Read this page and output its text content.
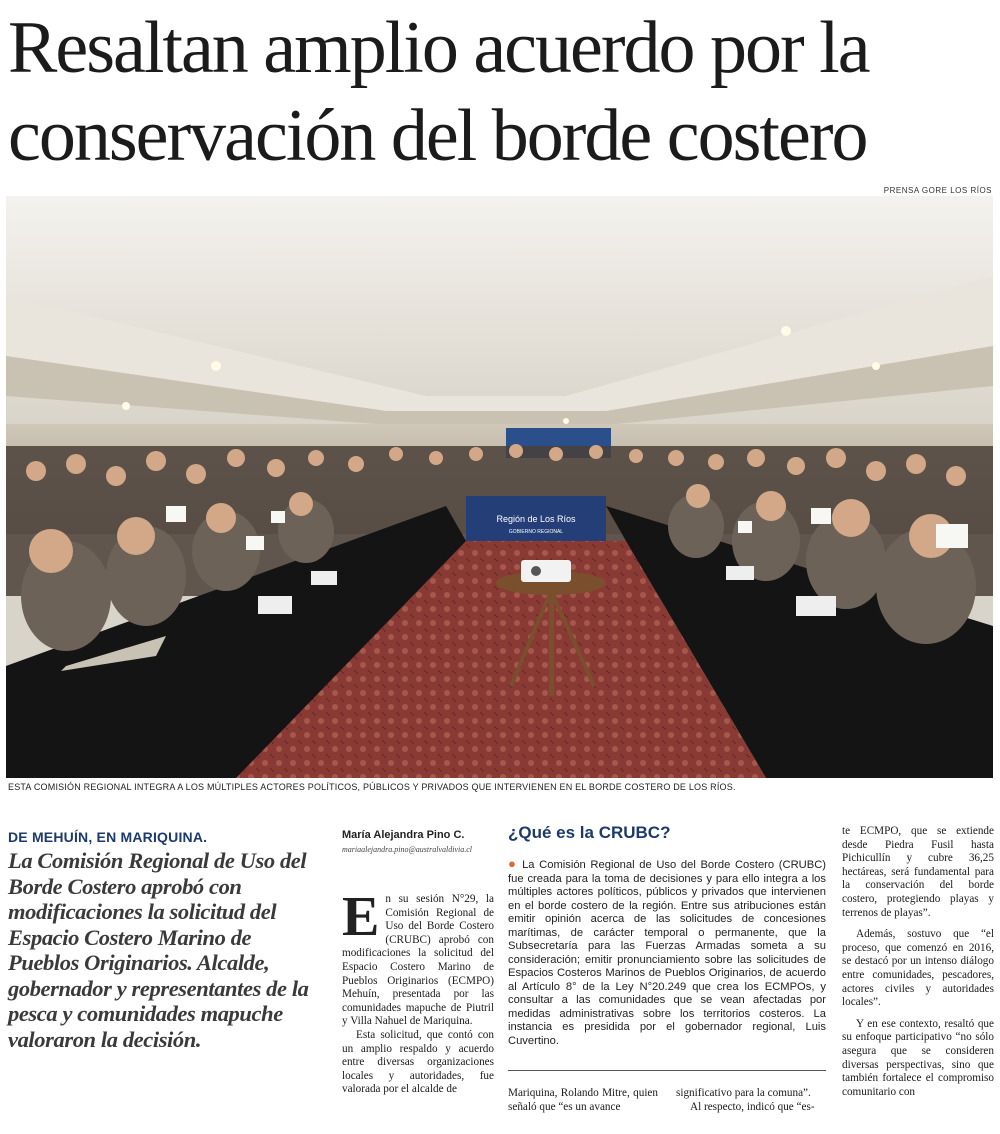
Resaltan amplio acuerdo por la conservación del borde costero
PRENSA GORE LOS RÍOS
Región de Los Ríos
GOBIERNO REGIONAL
ESTA COMISIÓN REGIONAL INTEGRA A LOS MÚLTIPLES ACTORES POLÍTICOS, PÚBLICOS Y PRIVADOS QUE INTERVIENEN EN EL BORDE COSTERO DE LOS RÍOS.
DE MEHUÍN, EN MARIQUINA.
La Comisión Regional de Uso del Borde Costero aprobó con modificaciones la solicitud del Espacio Costero Marino de Pueblos Originarios. Alcalde, gobernador y representantes de la pesca y comunidades mapuche valoraron la decisión.
María Alejandra Pino C.
mariaalejandra.pino@australvaldivia.cl

En su sesión N°29, la Comisión Regional de Uso del Borde Costero (CRUBC) aprobó con modificaciones la solicitud del Espacio Costero Marino de Pueblos Originarios (ECMPO) Mehuín, presentada por las comunidades mapuche de Piutril y Villa Nahuel de Mariquina.

Esta solicitud, que contó con un amplio respaldo y acuerdo entre diversas organizaciones locales y autoridades, fue valorada por el alcalde de

¿Qué es la CRUBC?
● La Comisión Regional de Uso del Borde Costero (CRUBC) fue creada para la toma de decisiones y para ello integra a los múltiples actores políticos, públicos y privados que intervienen en el borde costero de la región. Entre sus atribuciones están emitir opinión acerca de las solicitudes de concesiones marítimas, de carácter temporal o permanente, que la Subsecretaría para las Fuerzas Armadas someta a su consideración; emitir pronunciamiento sobre las solicitudes de Espacios Costeros Marinos de Pueblos Originarios, de acuerdo al Artículo 8° de la Ley N°20.249 que crea los ECMPOs, y consultar a las comunidades que se vean afectadas por medidas administrativas sobre los territorios costeros. La instancia es presidida por el gobernador regional, Luis Cuvertino.

Mariquina, Rolando Mitre, quien señaló que “es un avance

significativo para la comuna”.

Al respecto, indicó que “es-

te ECMPO, que se extiende desde Piedra Fusil hasta Pichicullín y cubre 36,25 hectáreas, será fundamental para la conservación del borde costero, protegiendo playas y terrenos de playas”.

Además, sostuvo que “el proceso, que comenzó en 2016, se destacó por un intenso diálogo entre comunidades, pescadores, actores civiles y autoridades locales”.

Y en ese contexto, resaltó que su enfoque participativo “no sólo asegura que se consideren diversas perspectivas, sino que también fortalece el compromiso comunitario con
